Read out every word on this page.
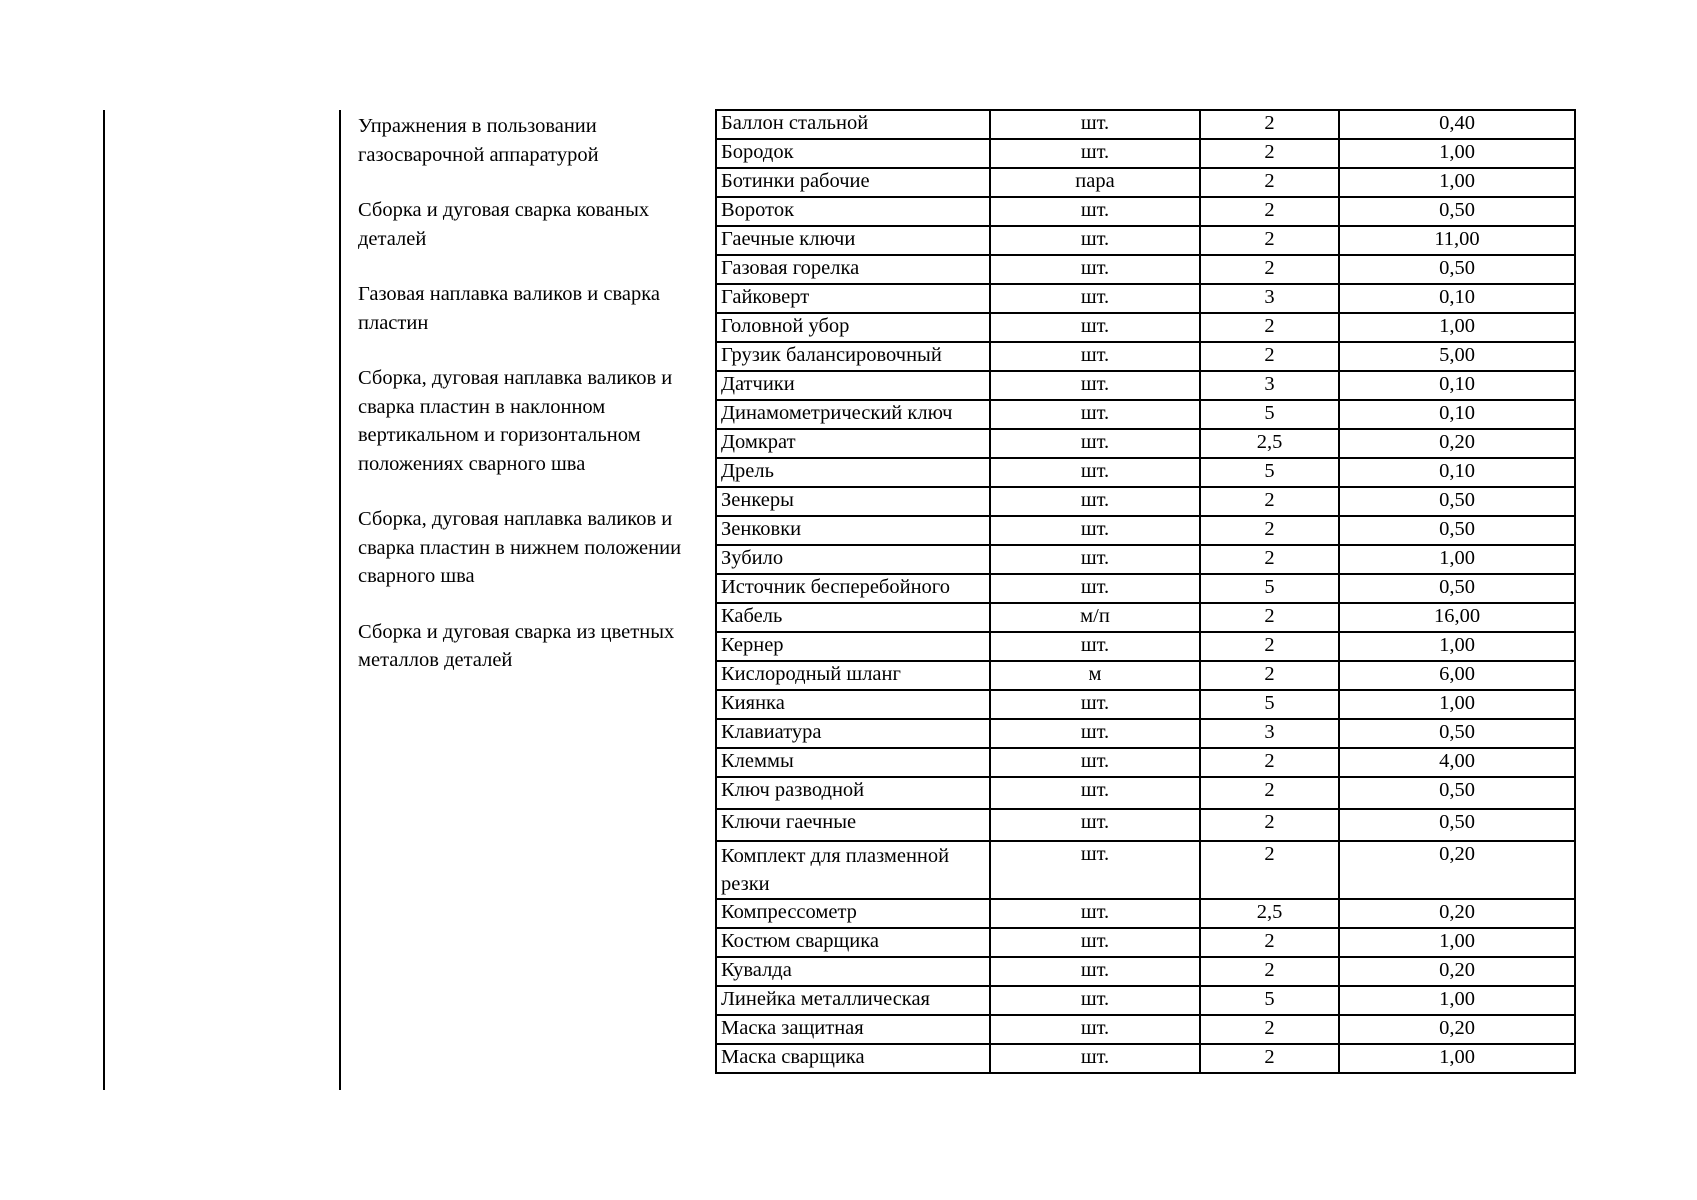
Упражнения в пользовании газосварочной аппаратурой
Сборка и дуговая сварка кованых деталей
Газовая наплавка валиков и сварка пластин
Сборка, дуговая наплавка валиков и сварка пластин в наклонном вертикальном и горизонтальном положениях сварного шва
Сборка, дуговая наплавка валиков и сварка пластин в нижнем положении сварного шва
Сборка и дуговая сварка из цветных металлов деталей
Баллон стальной	шт.	2	0,40
Бородок	шт.	2	1,00
Ботинки рабочие	пара	2	1,00
Вороток	шт.	2	0,50
Гаечные ключи	шт.	2	11,00
Газовая горелка	шт.	2	0,50
Гайковерт	шт.	3	0,10
Головной убор	шт.	2	1,00
Грузик балансировочный	шт.	2	5,00
Датчики	шт.	3	0,10
Динамометрический ключ	шт.	5	0,10
Домкрат	шт.	2,5	0,20
Дрель	шт.	5	0,10
Зенкеры	шт.	2	0,50
Зенковки	шт.	2	0,50
Зубило	шт.	2	1,00
Источник бесперебойного	шт.	5	0,50
Кабель	м/п	2	16,00
Кернер	шт.	2	1,00
Кислородный шланг	м	2	6,00
Киянка	шт.	5	1,00
Клавиатура	шт.	3	0,50
Клеммы	шт.	2	4,00
Ключ разводной	шт.	2	0,50
Ключи гаечные	шт.	2	0,50
Комплект для плазменной резки	шт.	2	0,20
Компрессометр	шт.	2,5	0,20
Костюм сварщика	шт.	2	1,00
Кувалда	шт.	2	0,20
Линейка металлическая	шт.	5	1,00
Маска защитная	шт.	2	0,20
Маска сварщика	шт.	2	1,00
